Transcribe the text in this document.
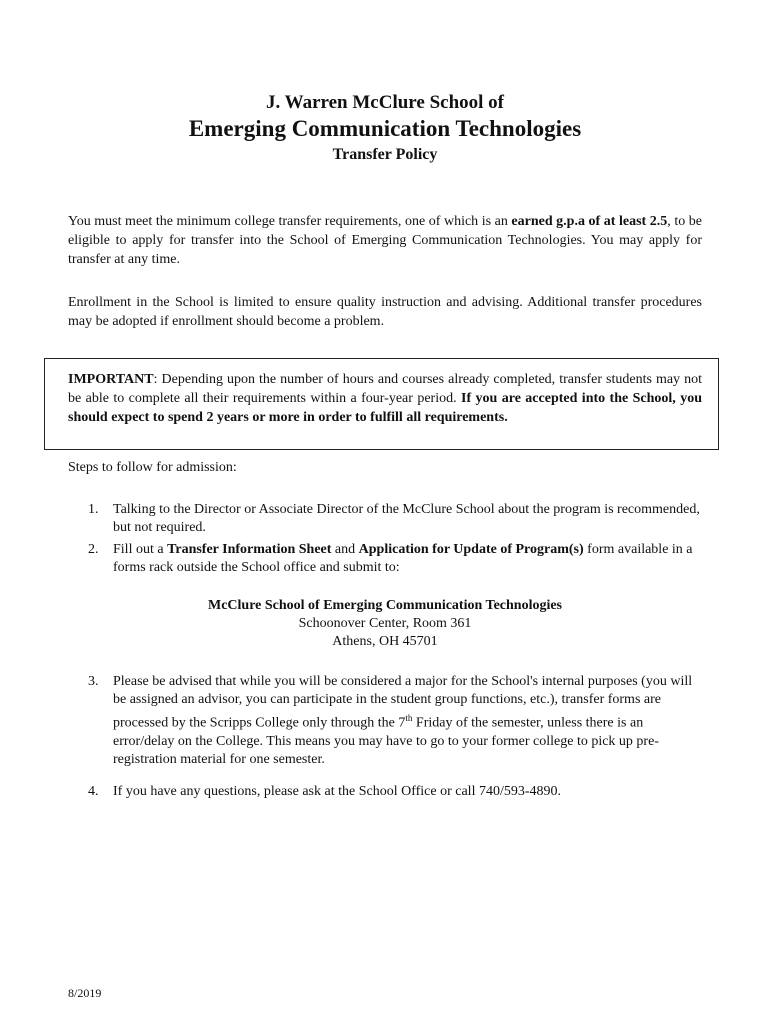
J. Warren McClure School of
Emerging Communication Technologies
Transfer Policy
You must meet the minimum college transfer requirements, one of which is an earned g.p.a of at least 2.5, to be eligible to apply for transfer into the School of Emerging Communication Technologies. You may apply for transfer at any time.
Enrollment in the School is limited to ensure quality instruction and advising. Additional transfer procedures may be adopted if enrollment should become a problem.
IMPORTANT: Depending upon the number of hours and courses already completed, transfer students may not be able to complete all their requirements within a four-year period. If you are accepted into the School, you should expect to spend 2 years or more in order to fulfill all requirements.
Steps to follow for admission:
1. Talking to the Director or Associate Director of the McClure School about the program is recommended, but not required.
2. Fill out a Transfer Information Sheet and Application for Update of Program(s) form available in a forms rack outside the School office and submit to:
McClure School of Emerging Communication Technologies
Schoonover Center, Room 361
Athens, OH 45701
3. Please be advised that while you will be considered a major for the School's internal purposes (you will be assigned an advisor, you can participate in the student group functions, etc.), transfer forms are processed by the Scripps College only through the 7th Friday of the semester, unless there is an error/delay on the College. This means you may have to go to your former college to pick up pre-registration material for one semester.
4. If you have any questions, please ask at the School Office or call 740/593-4890.
8/2019
